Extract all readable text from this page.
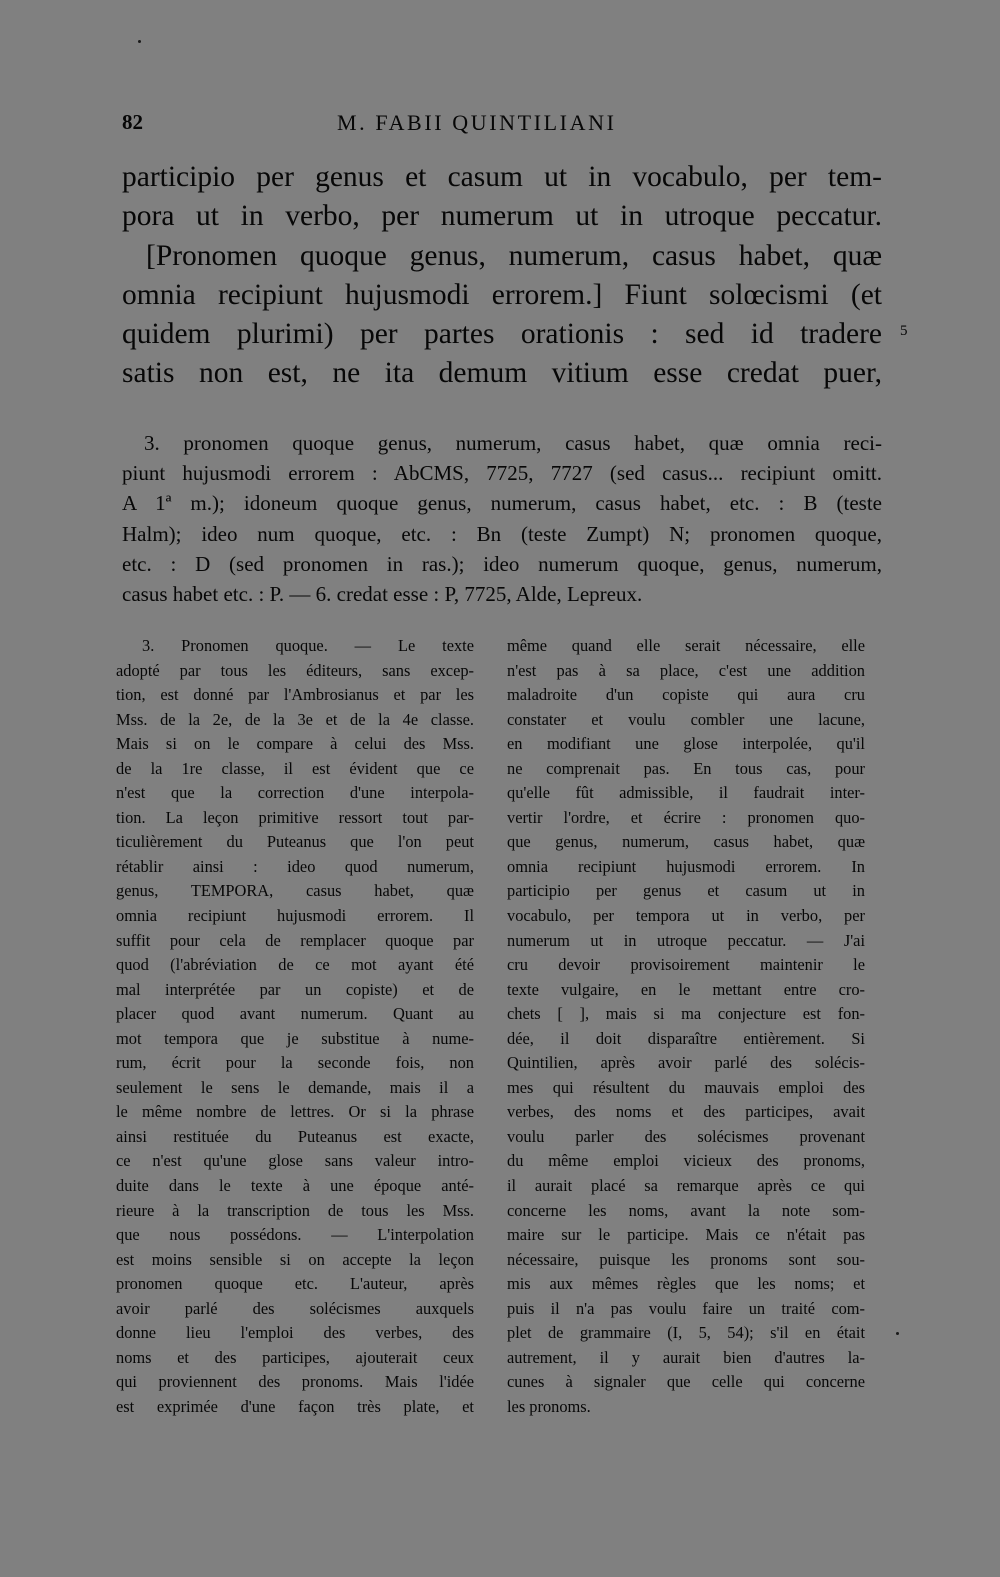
82	M. FABII QUINTILIANI
participio per genus et casum ut in vocabulo, per tem-
pora ut in verbo, per numerum ut in utroque peccatur.
[Pronomen quoque genus, numerum, casus habet, quæ
omnia recipiunt hujusmodi errorem.] Fiunt solœcismi (et
quidem plurimi) per partes orationis : sed id tradere
satis non est, ne ita demum vitium esse credat puer,
5
3. pronomen quoque genus, numerum, casus habet, quæ omnia reci-
piunt hujusmodi errorem : AbCMS, 7725, 7727 (sed casus... recipiunt omitt.
A 1ª m.); idoneum quoque genus, numerum, casus habet, etc. : B (teste
Halm); ideo num quoque, etc. : Bn (teste Zumpt) N; pronomen quoque,
etc. : D (sed pronomen in ras.); ideo numerum quoque, genus, numerum,
casus habet etc. : P. — 6. credat esse : P, 7725, Alde, Lepreux.
3. Pronomen quoque. — Le texte
adopté par tous les éditeurs, sans excep-
tion, est donné par l'Ambrosianus et par les
Mss. de la 2e, de la 3e et de la 4e classe.
Mais si on le compare à celui des Mss.
de la 1re classe, il est évident que ce
n'est que la correction d'une interpola-
tion. La leçon primitive ressort tout par-
ticulièrement du Puteanus que l'on peut
rétablir ainsi : ideo quod numerum,
genus, TEMPORA, casus habet, quæ
omnia recipiunt hujusmodi errorem. Il
suffit pour cela de remplacer quoque par
quod (l'abréviation de ce mot ayant été
mal interprétée par un copiste) et de
placer quod avant numerum. Quant au
mot tempora que je substitue à nume-
rum, écrit pour la seconde fois, non
seulement le sens le demande, mais il a
le même nombre de lettres. Or si la phrase
ainsi restituée du Puteanus est exacte,
ce n'est qu'une glose sans valeur intro-
duite dans le texte à une époque anté-
rieure à la transcription de tous les Mss.
que nous possédons. — L'interpolation
est moins sensible si on accepte la leçon
pronomen quoque etc. L'auteur, après
avoir parlé des solécismes auxquels
donne lieu l'emploi des verbes, des
noms et des participes, ajouterait ceux
qui proviennent des pronoms. Mais l'idée
est exprimée d'une façon très plate, et
même quand elle serait nécessaire, elle
n'est pas à sa place, c'est une addition
maladroite d'un copiste qui aura cru
constater et voulu combler une lacune,
en modifiant une glose interpolée, qu'il
ne comprenait pas. En tous cas, pour
qu'elle fût admissible, il faudrait inter-
vertir l'ordre, et écrire : pronomen quo-
que genus, numerum, casus habet, quæ
omnia recipiunt hujusmodi errorem. In
participio per genus et casum ut in
vocabulo, per tempora ut in verbo, per
numerum ut in utroque peccatur. — J'ai
cru devoir provisoirement maintenir le
texte vulgaire, en le mettant entre cro-
chets [ ], mais si ma conjecture est fon-
dée, il doit disparaître entièrement. Si
Quintilien, après avoir parlé des solécis-
mes qui résultent du mauvais emploi des
verbes, des noms et des participes, avait
voulu parler des solécismes provenant
du même emploi vicieux des pronoms,
il aurait placé sa remarque après ce qui
concerne les noms, avant la note som-
maire sur le participe. Mais ce n'était pas
nécessaire, puisque les pronoms sont sou-
mis aux mêmes règles que les noms; et
puis il n'a pas voulu faire un traité com-
plet de grammaire (I, 5, 54); s'il en était
autrement, il y aurait bien d'autres la-
cunes à signaler que celle qui concerne
les pronoms.
